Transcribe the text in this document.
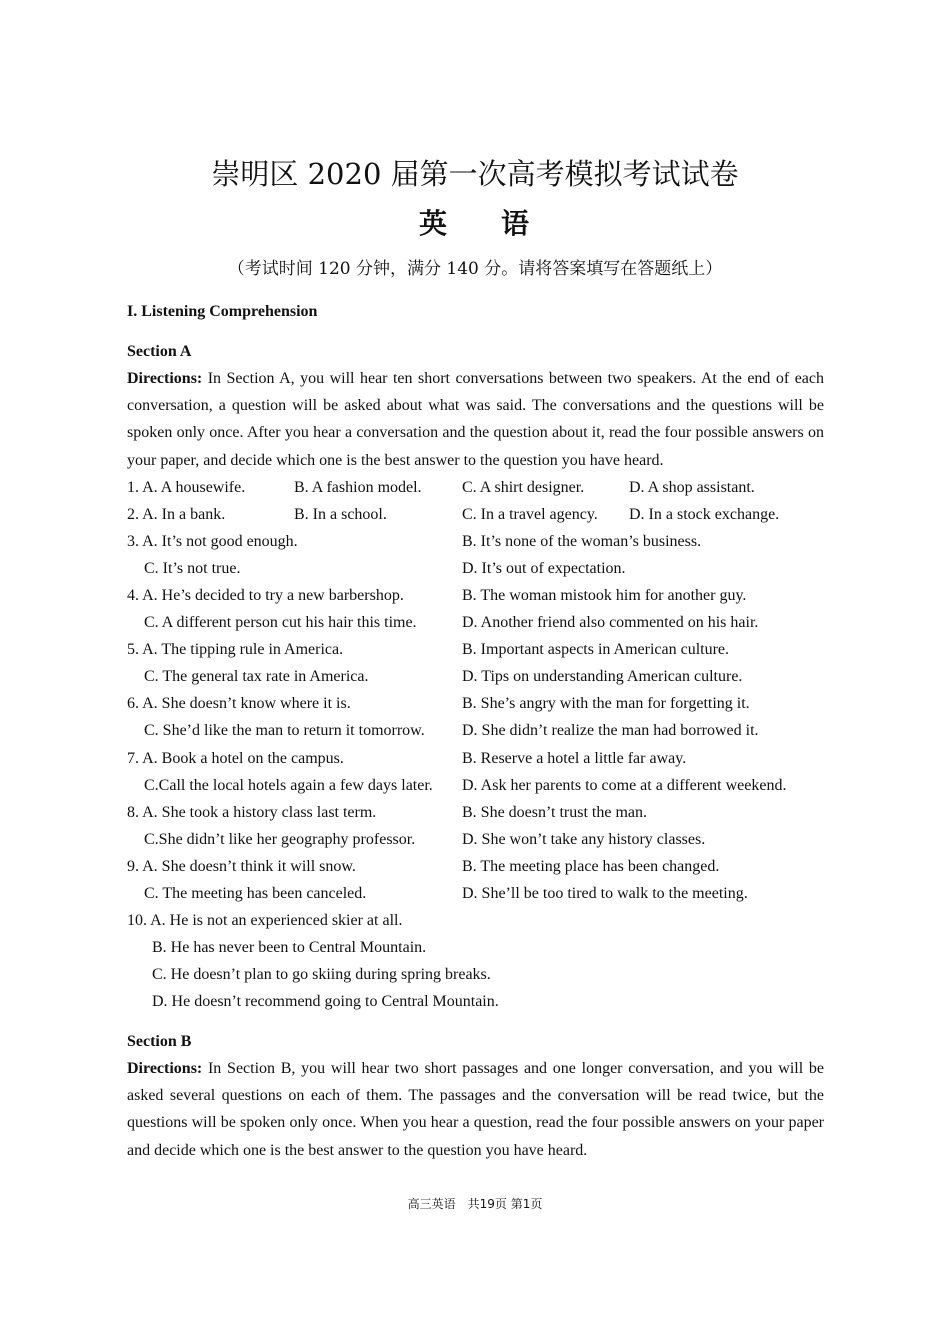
崇明区 2020 届第一次高考模拟考试试卷
英 语
（考试时间 120 分钟，满分 140 分。请将答案填写在答题纸上）
I. Listening Comprehension
Section A
Directions: In Section A, you will hear ten short conversations between two speakers. At the end of each conversation, a question will be asked about what was said. The conversations and the questions will be spoken only once. After you hear a conversation and the question about it, read the four possible answers on your paper, and decide which one is the best answer to the question you have heard.
1. A. A housewife.	B. A fashion model.	C. A shirt designer.	D. A shop assistant.
2. A. In a bank.	B. In a school.	C. In a travel agency. D. In a stock exchange.
3. A. It’s not good enough.	B. It’s none of the woman’s business.
C. It’s not true.	D. It’s out of expectation.
4. A. He’s decided to try a new barbershop.	B. The woman mistook him for another guy.
C. A different person cut his hair this time.	D. Another friend also commented on his hair.
5. A. The tipping rule in America.	B. Important aspects in American culture.
C. The general tax rate in America.	D. Tips on understanding American culture.
6. A. She doesn’t know where it is.	B. She’s angry with the man for forgetting it.
C. She’d like the man to return it tomorrow. D. She didn’t realize the man had borrowed it.
7. A. Book a hotel on the campus.	B. Reserve a hotel a little far away.
C.Call the local hotels again a few days later. D. Ask her parents to come at a different weekend.
8. A. She took a history class last term.	B. She doesn’t trust the man.
C.She didn’t like her geography professor.	D. She won’t take any history classes.
9. A. She doesn’t think it will snow.	B. The meeting place has been changed.
C. The meeting has been canceled.	D. She’ll be too tired to walk to the meeting.
10. A. He is not an experienced skier at all.
B. He has never been to Central Mountain.
C. He doesn’t plan to go skiing during spring breaks.
D. He doesn’t recommend going to Central Mountain.
Section B
Directions: In Section B, you will hear two short passages and one longer conversation, and you will be asked several questions on each of them. The passages and the conversation will be read twice, but the questions will be spoken only once. When you hear a question, read the four possible answers on your paper and decide which one is the best answer to the question you have heard.
高三英语　共19页 第1页
